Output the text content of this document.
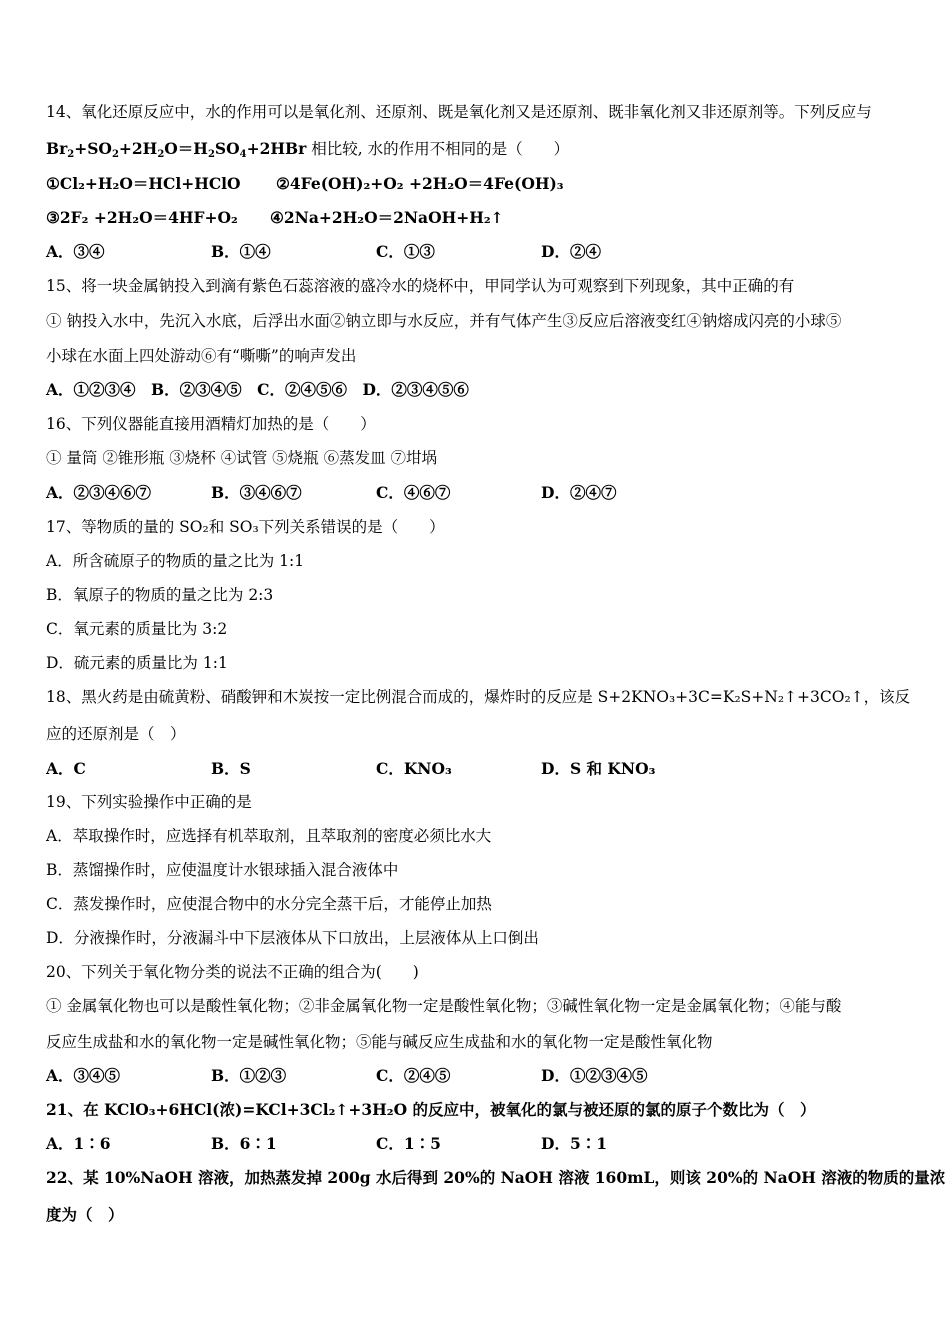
14、氧化还原反应中，水的作用可以是氧化剂、还原剂、既是氧化剂又是还原剂、既非氧化剂又非还原剂等。下列反应与
$Br_2+SO_2+2H_2O=H_2SO_4+2HBr$ 相比较, 水的作用不相同的是（　　）
①Cl₂+H₂O＝HCl+HClO ②4Fe(OH)₂+O₂ +2H₂O＝4Fe(OH)₃
③2F₂ +2H₂O＝4HF+O₂ ④2Na+2H₂O＝2NaOH+H₂↑
A．③④	B．①④	C．①③	D．②④
15、将一块金属钠投入到滴有紫色石蕊溶液的盛冷水的烧杯中，甲同学认为可观察到下列现象，其中正确的有
① 钠投入水中，先沉入水底，后浮出水面②钠立即与水反应，并有气体产生③反应后溶液变红④钠熔成闪亮的小球⑤
小球在水面上四处游动⑥有“嘶嘶”的响声发出
A．①②③④　B．②③④⑤　C．②④⑤⑥　D．②③④⑤⑥
16、下列仪器能直接用酒精灯加热的是（　　）
① 量筒 ②锥形瓶 ③烧杯 ④试管 ⑤烧瓶 ⑥蒸发皿 ⑦坩埚
A．②③④⑥⑦	B．③④⑥⑦	C．④⑥⑦	D．②④⑦
17、等物质的量的 SO₂和 SO₃下列关系错误的是（　　）
A．所含硫原子的物质的量之比为 1:1
B．氧原子的物质的量之比为 2:3
C．氧元素的质量比为 3:2
D．硫元素的质量比为 1:1
18、黑火药是由硫黄粉、硝酸钾和木炭按一定比例混合而成的，爆炸时的反应是 S+2KNO₃+3C=K₂S+N₂↑+3CO₂↑，该反
应的还原剂是（　）
A．C	B．S	C．KNO₃	D．S 和 KNO₃
19、下列实验操作中正确的是
A．萃取操作时，应选择有机萃取剂，且萃取剂的密度必须比水大
B．蒸馏操作时，应使温度计水银球插入混合液体中
C．蒸发操作时，应使混合物中的水分完全蒸干后，才能停止加热
D．分液操作时，分液漏斗中下层液体从下口放出，上层液体从上口倒出
20、下列关于氧化物分类的说法不正确的组合为(　　)
① 金属氧化物也可以是酸性氧化物；②非金属氧化物一定是酸性氧化物；③碱性氧化物一定是金属氧化物；④能与酸
反应生成盐和水的氧化物一定是碱性氧化物；⑤能与碱反应生成盐和水的氧化物一定是酸性氧化物
A．③④⑤	B．①②③	C．②④⑤	D．①②③④⑤
21、在 KClO₃+6HCl(浓)=KCl+3Cl₂↑+3H₂O 的反应中，被氧化的氯与被还原的氯的原子个数比为（　）
A．1∶6	B．6∶1	C．1∶5	D．5∶1
22、某 10%NaOH 溶液，加热蒸发掉 200g 水后得到 20%的 NaOH 溶液 160mL，则该 20%的 NaOH 溶液的物质的量浓
度为（　）
